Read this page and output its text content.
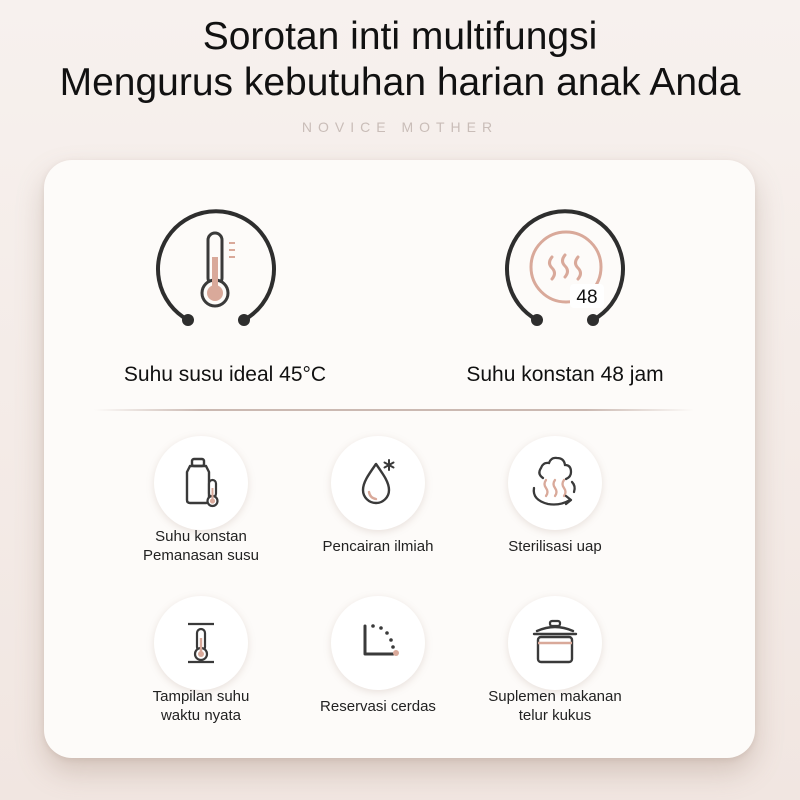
Sorotan inti multifungsi
Mengurus kebutuhan harian anak Anda
NOVICE MOTHER
Suhu susu ideal 45°C
48
Suhu konstan 48 jam
Suhu konstan
Pemanasan susu
Pencairan ilmiah	Sterilisasi uap
Tampilan suhu
waktu nyata
Reservasi cerdas
Suplemen makanan
telur kukus
